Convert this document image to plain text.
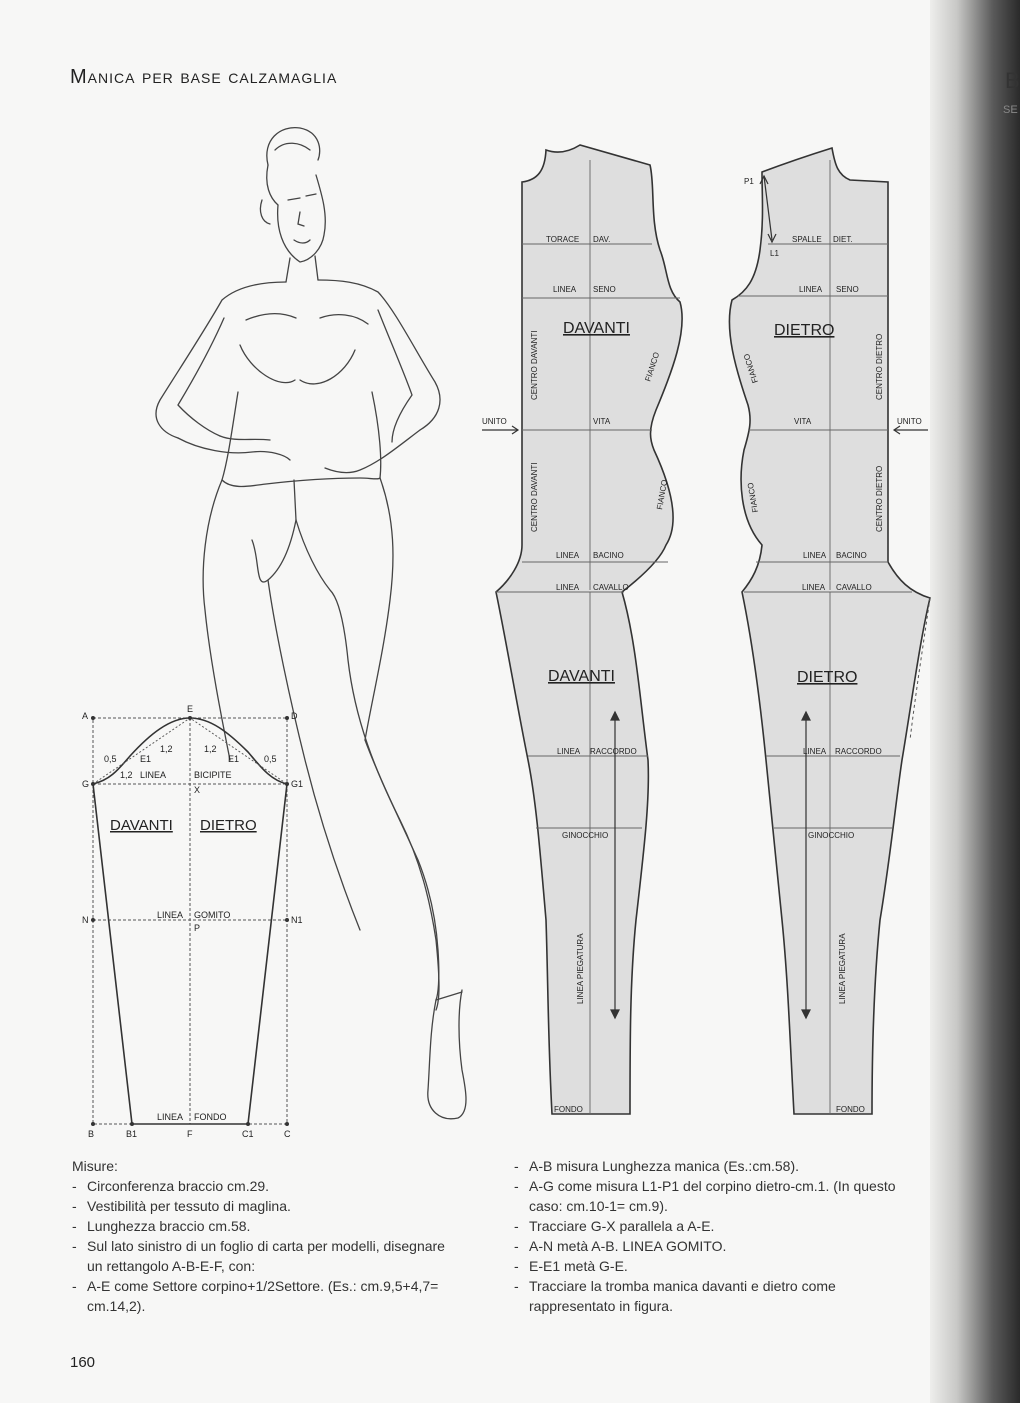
B
SE
Manica per base calzamaglia
A
E
D
G	G1
X
N	N1
P
B	B1	F	C1	C
E1	E1
0,5	0,5
1,2	1,2
1,2 LINEA	BICIPITE
LINEA GOMITO
LINEA FONDO
DAVANTI DIETRO
TORACE DAV.
LINEA SENO
VITA
UNITO
LINEA BACINO
LINEA CAVALLO
LINEA RACCORDO
GINOCCHIO
FONDO
CENTRO DAVANTI
CENTRO DAVANTI
FIANCO
FIANCO
LINEA PIEGATURA
DAVANTI
DAVANTI
P1
L1
SPALLE DIET.
LINEA SENO
VITA	UNITO
LINEA BACINO
LINEA CAVALLO
LINEA RACCORDO
GINOCCHIO
FONDO
CENTRO DIETRO
CENTRO DIETRO
FIANCO
FIANCO
LINEA PIEGATURA
DIETRO
DIETRO
Misure:
- Circonferenza braccio cm.29.
- Vestibilità per tessuto di maglina.
- Lunghezza braccio cm.58.
- Sul lato sinistro di un foglio di carta per modelli, disegnare un rettangolo A-B-E-F, con:
- A-E come Settore corpino+1/2Settore. (Es.: cm.9,5+4,7= cm.14,2).
- A-B misura Lunghezza manica (Es.:cm.58).
- A-G come misura L1-P1 del corpino dietro-cm.1. (In questo caso: cm.10-1= cm.9).
- Tracciare G-X parallela a A-E.
- A-N metà A-B. LINEA GOMITO.
- E-E1 metà G-E.
- Tracciare la tromba manica davanti e dietro come rappresentato in figura.
160
